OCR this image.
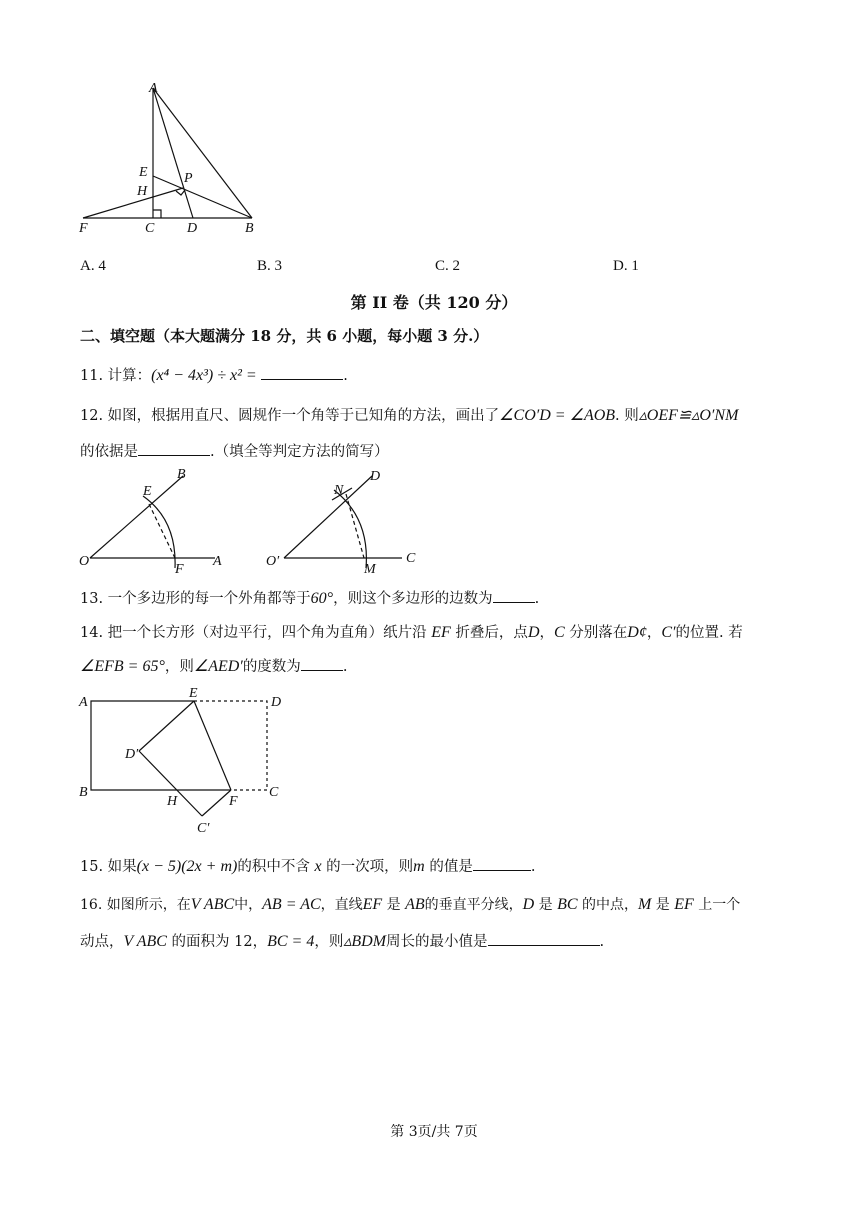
A
E
H
P
F	C D	B
A. 4	B. 3	C. 2	D. 1
第 II 卷（共 120 分）
二、填空题（本大题满分 18 分，共 6 小题，每小题 3 分.）
11. 计算：(x⁴ − 4x³) ÷ x² =	.
12. 如图，根据用直尺、圆规作一个角等于已知角的方法，画出了∠CO′D = ∠AOB. 则▵OEF≌▵O′NM
的依据是	.（填全等判定方法的简写）
O
E
B
F
A	O′
N
D
M
C
13. 一个多边形的每一个外角都等于60°，则这个多边形的边数为	.
14. 把一个长方形（对边平行，四个角为直角）纸片沿 EF 折叠后，点D，C 分别落在D¢，C′的位置. 若
∠EFB = 65°，则∠AED′的度数为	.
A
E
D
D′
B
H	F
C
C′
15. 如果(x − 5)(2x + m)的积中不含 x 的一次项，则m 的值是	.
16. 如图所示，在V ABC中，AB = AC，直线EF 是 AB的垂直平分线，D 是 BC 的中点，M 是 EF 上一个
动点，V ABC 的面积为 12，BC = 4，则▵BDM周长的最小值是	.
第 3页/共 7页
